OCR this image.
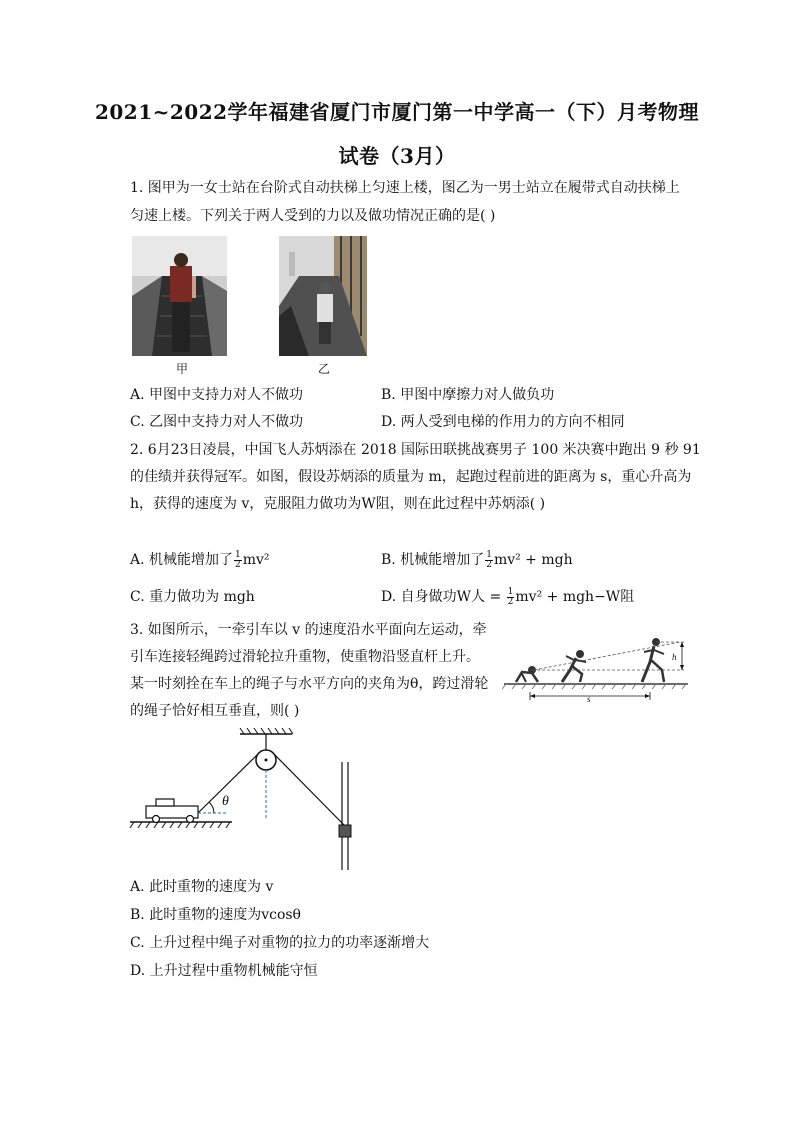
2021~2022学年福建省厦门市厦门第一中学高一（下）月考物理
试卷（3月）
1. 图甲为一女士站在台阶式自动扶梯上匀速上楼，图乙为一男士站立在履带式自动扶梯上
匀速上楼。下列关于两人受到的力以及做功情况正确的是( )
甲	乙
A. 甲图中支持力对人不做功	B. 甲图中摩擦力对人做负功
C. 乙图中支持力对人不做功	D. 两人受到电梯的作用力的方向不相同
2. 6月23日凌晨，中国飞人苏炳添在 2018 国际田联挑战赛男子 100 米决赛中跑出 9 秒 91
的佳绩并获得冠军。如图，假设苏炳添的质量为 m，起跑过程前进的距离为 s，重心升高为
h，获得的速度为 v，克服阻力做功为W阻，则在此过程中苏炳添( )
A. 机械能增加了 $\frac{1}{2} mv^2$	B. 机械能增加了 $\frac{1}{2} mv^2$ + mgh
C. 重力做功为 mgh	D. 自身做功W人 = $\frac{1}{2} mv^2 + mgh-W$阻
3. 如图所示，一牵引车以 v 的速度沿水平面向左运动，牵
引车连接轻绳跨过滑轮拉升重物，使重物沿竖直杆上升。
某一时刻拴在车上的绳子与水平方向的夹角为θ，跨过滑轮
的绳子恰好相互垂直，则( )
h
s
θ
A. 此时重物的速度为 v
B. 此时重物的速度为vcosθ
C. 上升过程中绳子对重物的拉力的功率逐渐增大
D. 上升过程中重物机械能守恒
